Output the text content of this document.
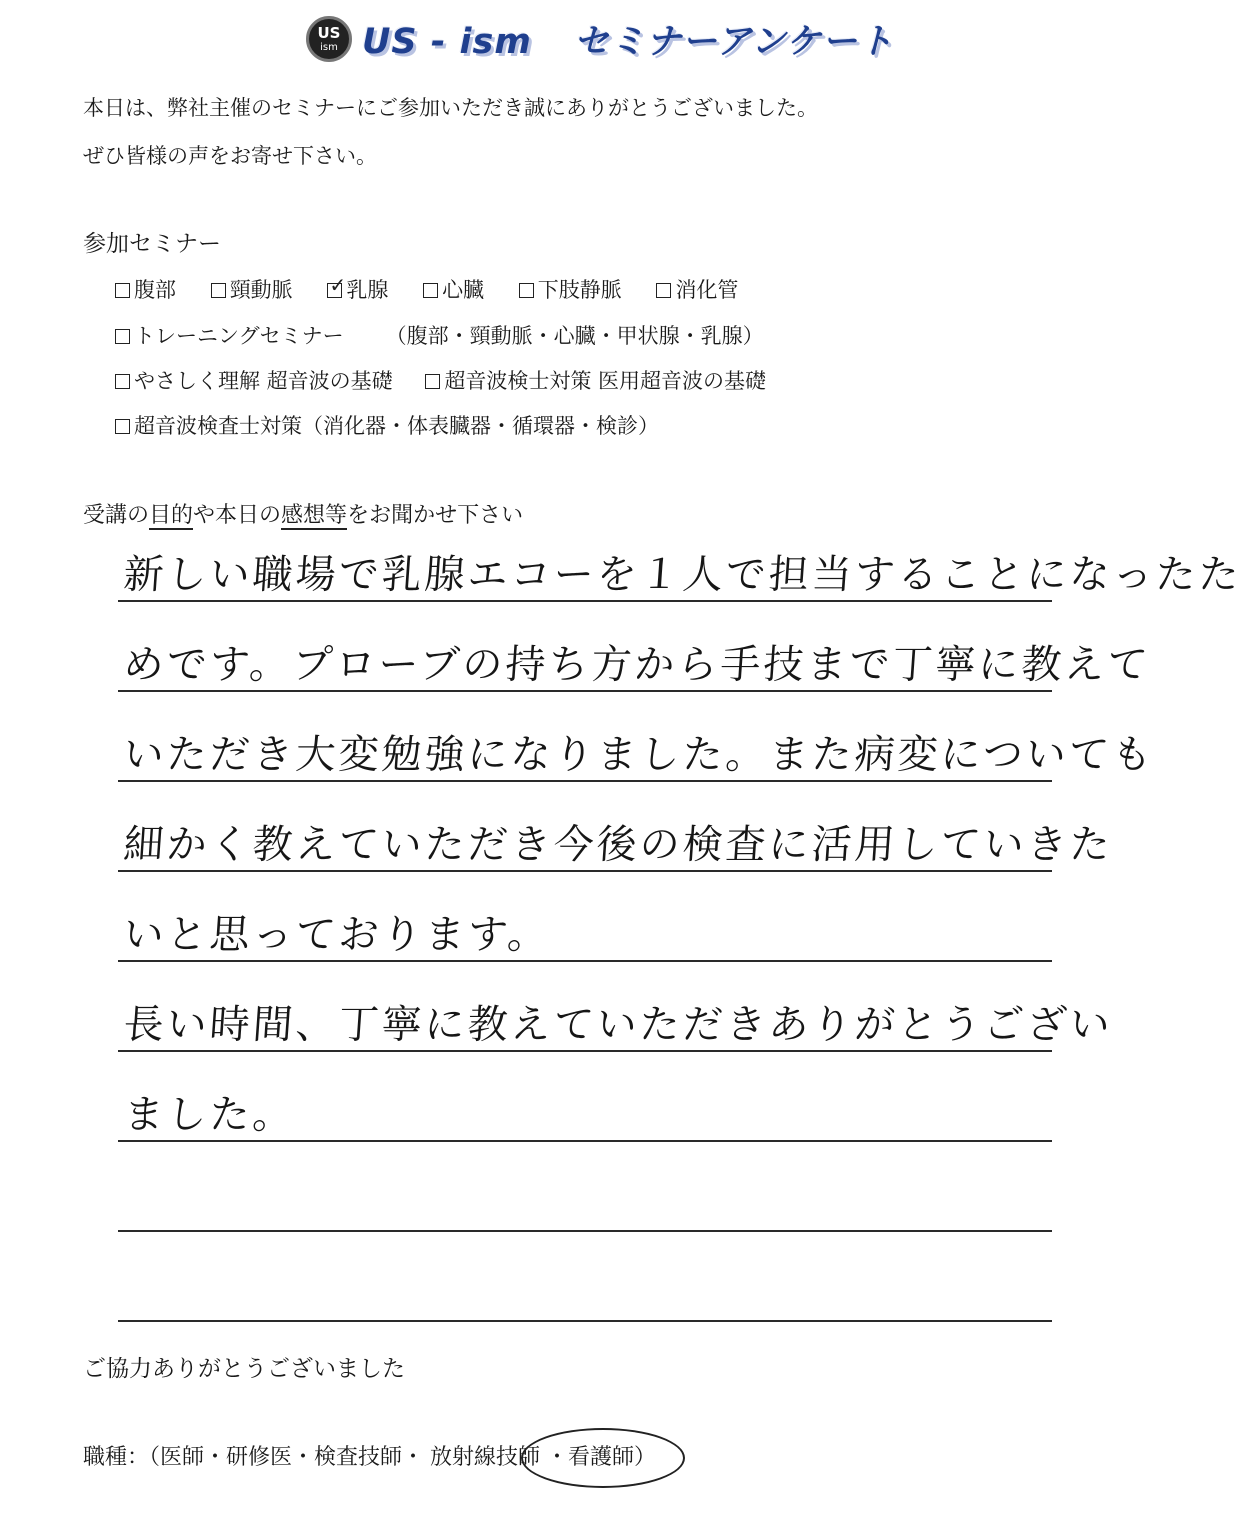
US
ism US - ism セミナーアンケート
本日は、弊社主催のセミナーにご参加いただき誠にありがとうございました。
ぜひ皆様の声をお寄せ下さい。
参加セミナー
腹部	頸動脈 ✓	乳腺	心臓	下肢静脈	消化管
トレーニングセミナー （腹部・頸動脈・心臓・甲状腺・乳腺）
やさしく理解 超音波の基礎 超音波検士対策 医用超音波の基礎
超音波検査士対策（消化器・体表臓器・循環器・検診）
受講の目的や本日の感想等をお聞かせ下さい
新しい職場で乳腺エコーを１人で担当することになったた
めです。プローブの持ち方から手技まで丁寧に教えて
いただき大変勉強になりました。また病変についても
細かく教えていただき今後の検査に活用していきた
いと思っております。
長い時間、丁寧に教えていただきありがとうござい
ました。
ご協力ありがとうございました
職種：（医師・研修医・検査技師・ 放射線技師 ・看護師）
